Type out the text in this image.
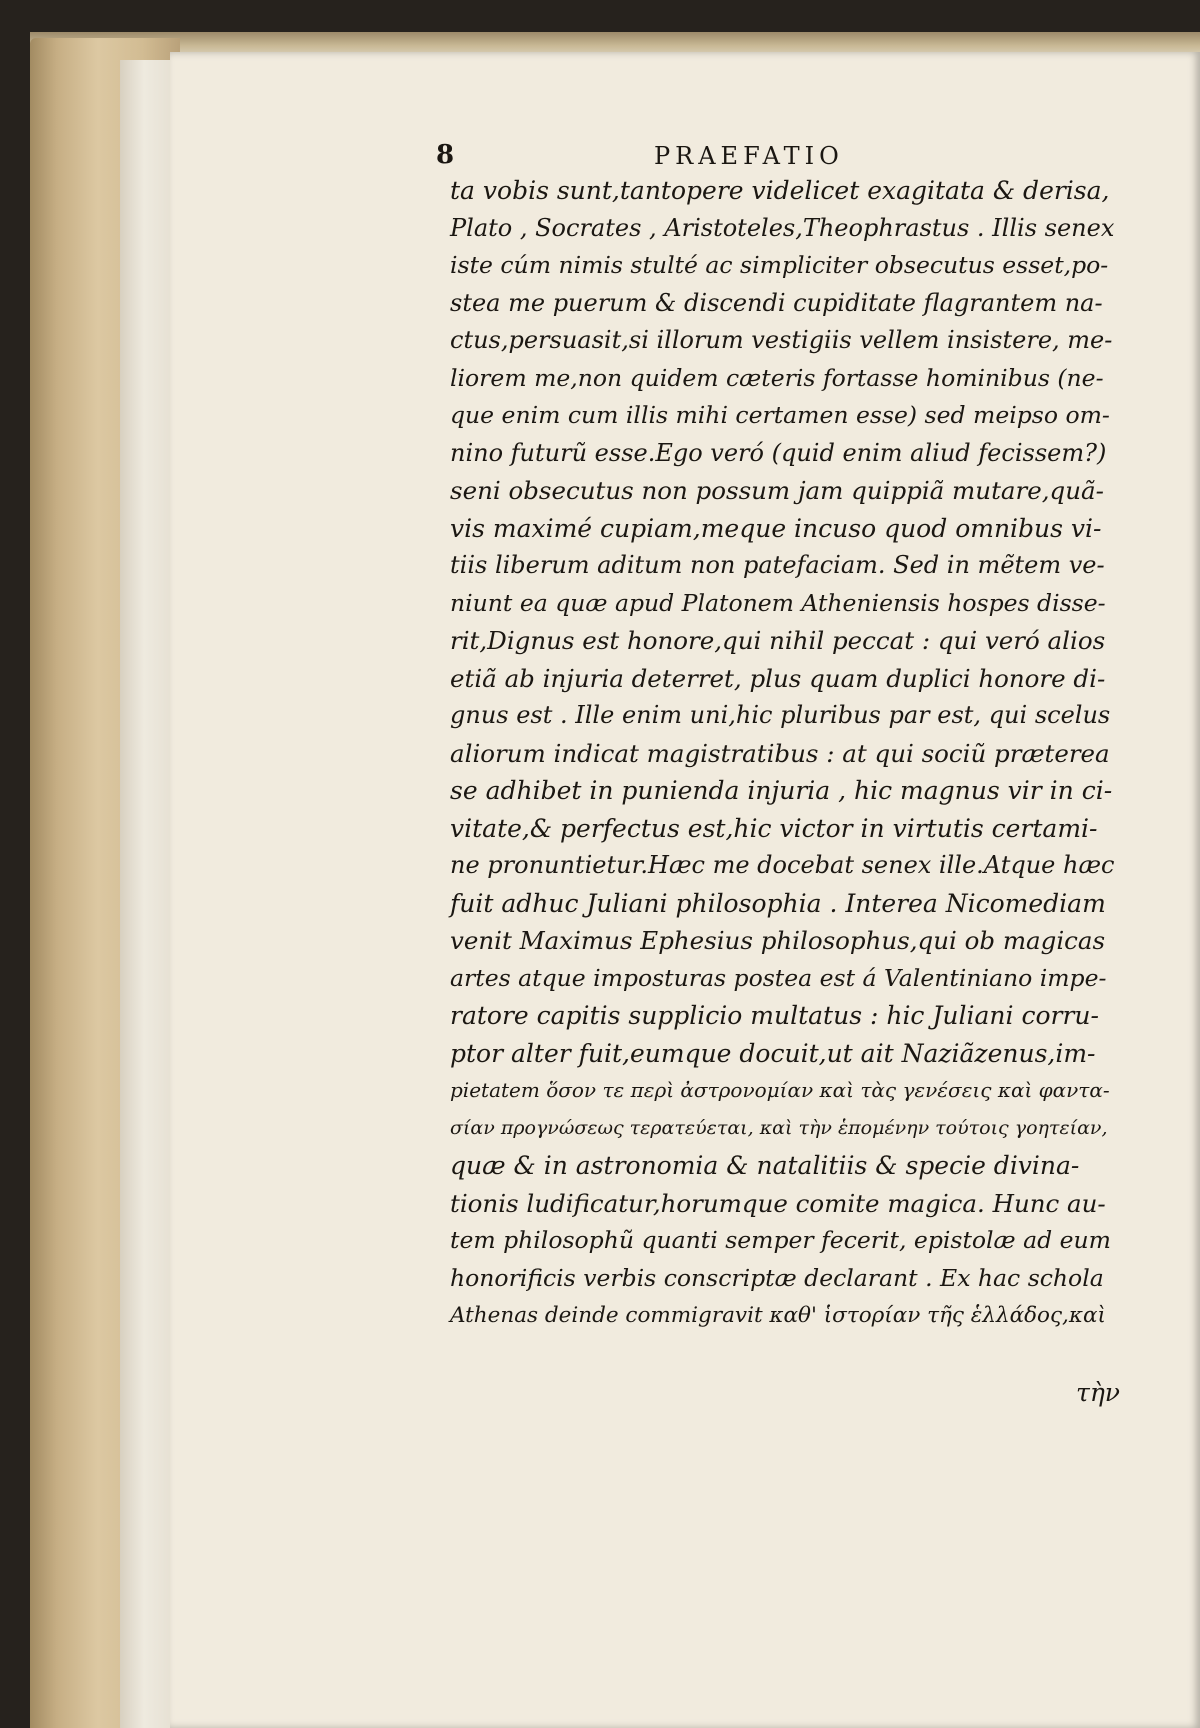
8	PRAEFATIO
ta vobis sunt,tantopere videlicet exagitata & derisa,
Plato , Socrates , Aristoteles,Theophrastus . Illis senex
iste cúm nimis stulté ac simpliciter obsecutus esset,po-
stea me puerum & discendi cupiditate flagrantem na-
ctus,persuasit,si illorum vestigiis vellem insistere, me-
liorem me,non quidem cæteris fortasse hominibus (ne-
que enim cum illis mihi certamen esse) sed meipso om-
nino futurũ esse.Ego veró (quid enim aliud fecissem?)
seni obsecutus non possum jam quippiã mutare,quã-
vis maximé cupiam,meque incuso quod omnibus vi-
tiis liberum aditum non patefaciam. Sed in mẽtem ve-
niunt ea quæ apud Platonem Atheniensis hospes disse-
rit,Dignus est honore,qui nihil peccat : qui veró alios
etiã ab injuria deterret, plus quam duplici honore di-
gnus est . Ille enim uni,hic pluribus par est, qui scelus
aliorum indicat magistratibus : at qui sociũ præterea
se adhibet in punienda injuria , hic magnus vir in ci-
vitate,& perfectus est,hic victor in virtutis certami-
ne pronuntietur.Hæc me docebat senex ille.Atque hæc
fuit adhuc Juliani philosophia . Interea Nicomediam
venit Maximus Ephesius philosophus,qui ob magicas
artes atque imposturas postea est á Valentiniano impe-
ratore capitis supplicio multatus : hic Juliani corru-
ptor alter fuit,eumque docuit,ut ait Naziãzenus,im-
pietatem ὅσον τε περὶ ἀστρονομίαν καὶ τὰς γενέσεις καὶ φαντα-
σίαν προγνώσεως τερατεύεται, καὶ τὴν ἑπομένην τούτοις γοητείαν,
quæ & in astronomia & natalitiis & specie divina-
tionis ludificatur,horumque comite magica. Hunc au-
tem philosophũ quanti semper fecerit, epistolæ ad eum
honorificis verbis conscriptæ declarant . Ex hac schola
Athenas deinde commigravit καθ' ἱστορίαν τῆς ἑλλάδος,καὶ
τὴν
